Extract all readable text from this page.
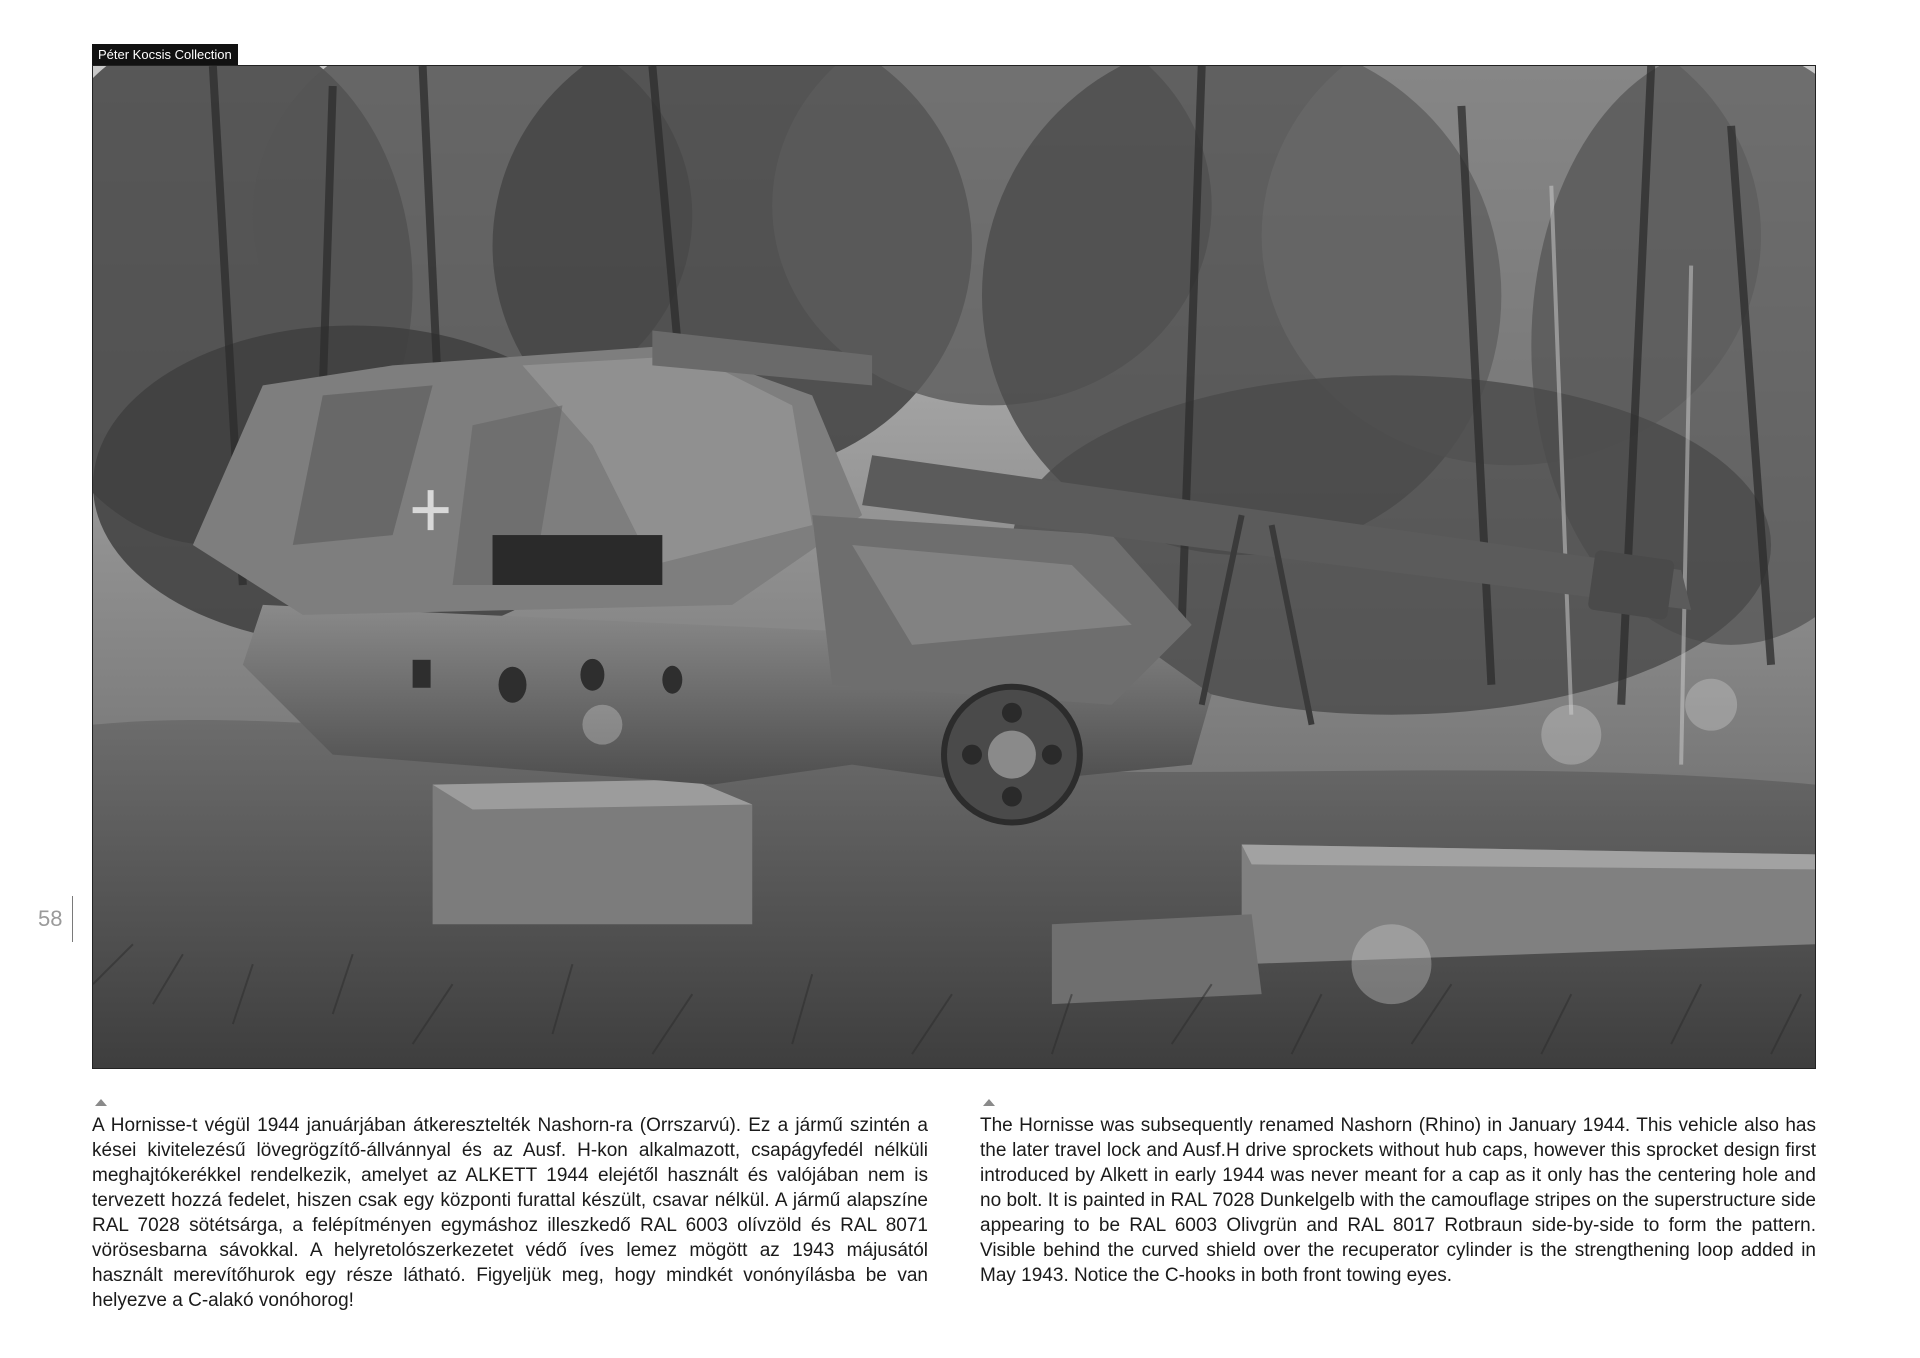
Péter Kocsis Collection
58

A Hornisse-t végül 1944 januárjában átkeresztelték Nashorn-ra (Orrszarvú). Ez a jármű szintén a kései kivitelezésű lövegrögzítő-állvánnyal és az Ausf. H-kon alkalmazott, csapágyfedél nélküli meghajtókerékkel rendelkezik, amelyet az ALKETT 1944 elejétől használt és valójában nem is tervezett hozzá fedelet, hiszen csak egy központi furattal készült, csavar nélkül. A jármű alapszíne RAL 7028 sötétsárga, a felépítményen egymáshoz illeszkedő RAL 6003 olívzöld és RAL 8071 vörösesbarna sávokkal. A helyretolószerkezetet védő íves lemez mögött az 1943 májusától használt merevítőhurok egy része látható. Figyeljük meg, hogy mindkét vonónyílásba be van helyezve a C-alakó vonóhorog!

The Hornisse was subsequently renamed Nashorn (Rhino) in January 1944. This vehicle also has the later travel lock and Ausf.H drive sprockets without hub caps, however this sprocket design first introduced by Alkett in early 1944 was never meant for a cap as it only has the centering hole and no bolt. It is painted in RAL 7028 Dunkelgelb with the camouflage stripes on the superstructure side appearing to be RAL 6003 Olivgrün and RAL 8017 Rotbraun side-by-side to form the pattern. Visible behind the curved shield over the recuperator cylinder is the strengthening loop added in May 1943. Notice the C-hooks in both front towing eyes.
